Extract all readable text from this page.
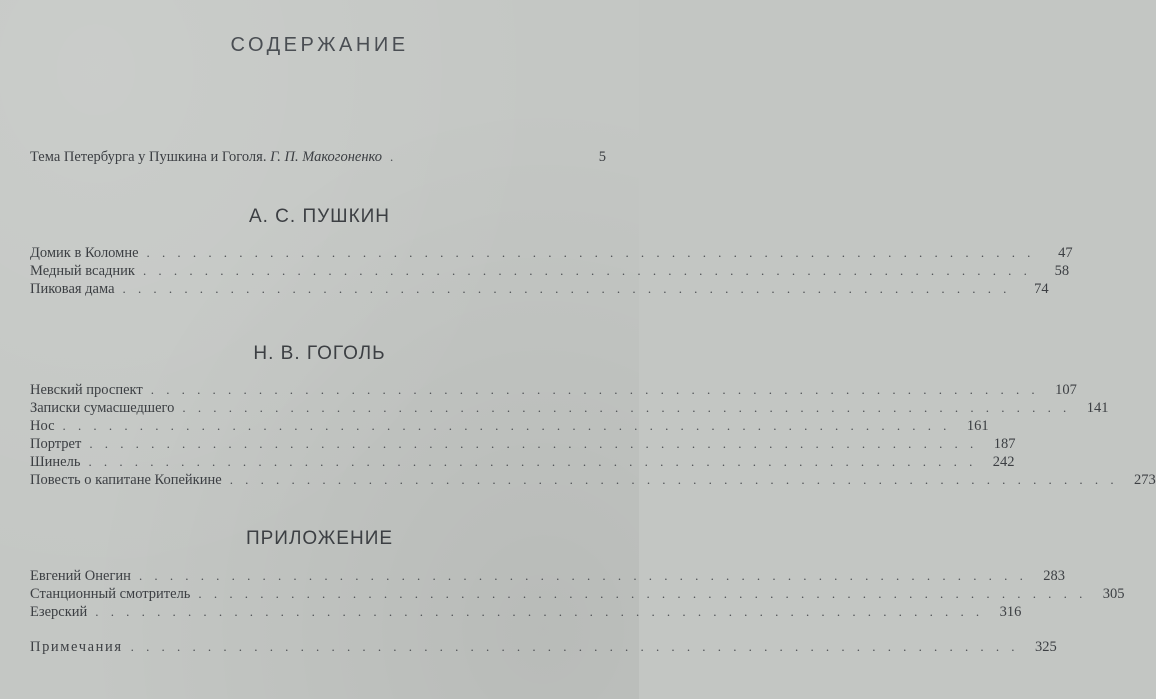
СОДЕРЖАНИЕ
Тема Петербурга у Пушкина и Гоголя. Г. П. Макогоненко .	5
А. С. ПУШКИН
Домик в Коломне ..........................................................	47
Медный всадник ..........................................................	58
Пиковая дама ..........................................................	74
Н. В. ГОГОЛЬ
Невский проспект .......................................................... 107
Записки сумасшедшего .......................................................... 141
Нос .......................................................... 161
Портрет .......................................................... 187
Шинель .......................................................... 242
Повесть о капитане Копейкине .......................................................... 273
ПРИЛОЖЕНИЕ
Евгений Онегин .......................................................... 283
Станционный смотритель .......................................................... 305
Езерский .......................................................... 316
Примечания .......................................................... 325
